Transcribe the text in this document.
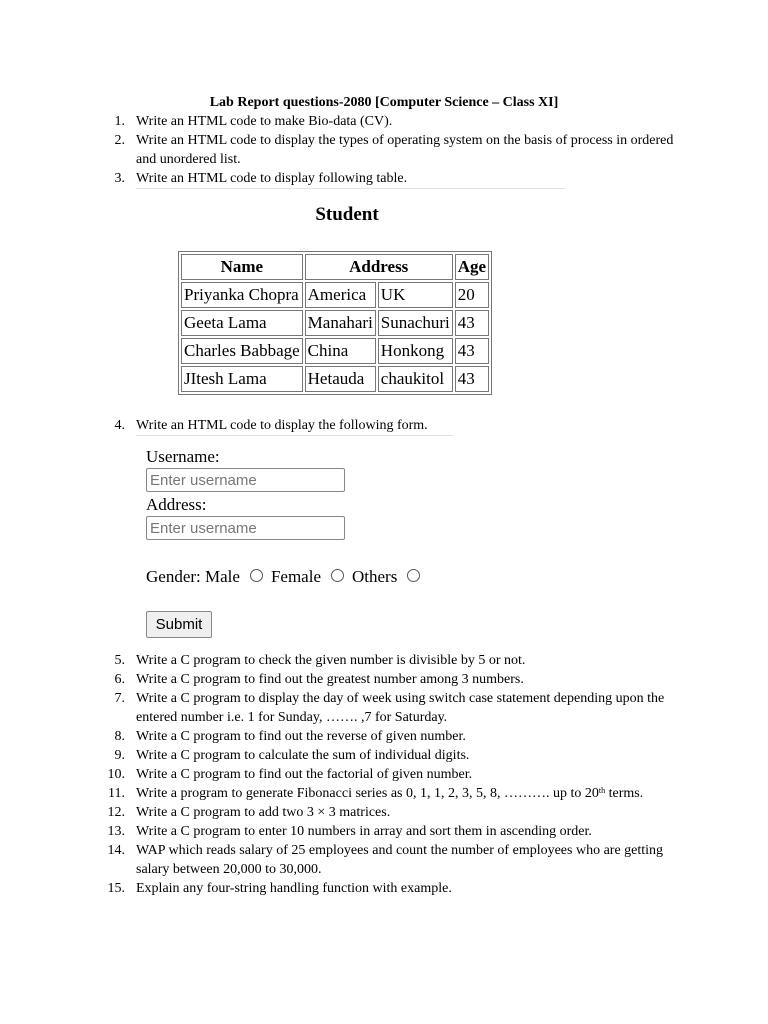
Lab Report questions-2080 [Computer Science – Class XI]
1. Write an HTML code to make Bio-data (CV).
2. Write an HTML code to display the types of operating system on the basis of process in ordered and unordered list.
3. Write an HTML code to display following table.
Student
Name	Address		Age
Priyanka Chopra	America	UK	20
Geeta Lama	Manahari	Sunachuri	43
Charles Babbage	China	Honkong	43
JItesh Lama	Hetauda	chaukitol	43
4. Write an HTML code to display the following form.
Username:
Enter username
Address:
Enter username
Gender:
Male Female Others
Submit
5. Write a C program to check the given number is divisible by 5 or not.
6. Write a C program to find out the greatest number among 3 numbers.
7. Write a C program to display the day of week using switch case statement depending upon the entered number i.e. 1 for Sunday, ……. ,7 for Saturday.
8. Write a C program to find out the reverse of given number.
9. Write a C program to calculate the sum of individual digits.
10. Write a C program to find out the factorial of given number.
11. Write a program to generate Fibonacci series as 0, 1, 1, 2, 3, 5, 8, ………. up to 20th terms.
12. Write a C program to add two 3 × 3 matrices.
13. Write a C program to enter 10 numbers in array and sort them in ascending order.
14. WAP which reads salary of 25 employees and count the number of employees who are getting salary between 20,000 to 30,000.
15. Explain any four-string handling function with example.
